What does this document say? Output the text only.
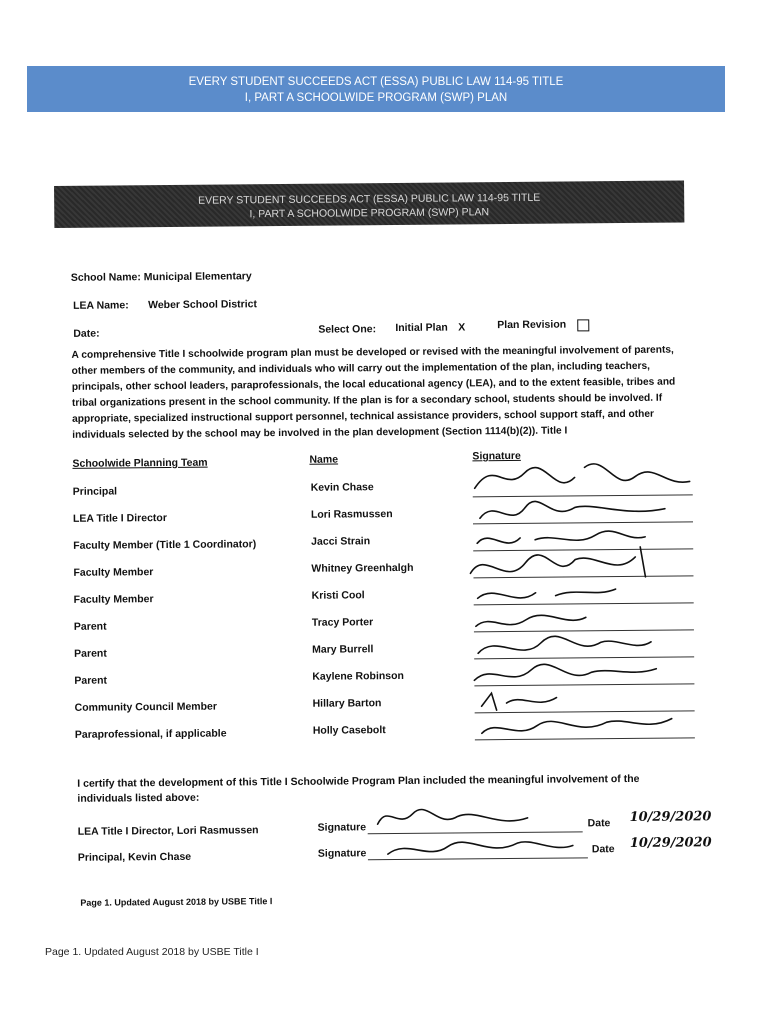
EVERY STUDENT SUCCEEDS ACT (ESSA) PUBLIC LAW 114-95 TITLE
I, PART A SCHOOLWIDE PROGRAM (SWP) PLAN
EVERY STUDENT SUCCEEDS ACT (ESSA) PUBLIC LAW 114-95 TITLE
I, PART A SCHOOLWIDE PROGRAM (SWP) PLAN
School Name: Municipal Elementary
LEA Name: Weber School District
Date:	Select One: Initial Plan X	Plan Revision
A comprehensive Title I schoolwide program plan must be developed or revised with the meaningful involvement of parents, other members of the community, and individuals who will carry out the implementation of the plan, including teachers, principals, other school leaders, paraprofessionals, the local educational agency (LEA), and to the extent feasible, tribes and tribal organizations present in the school community. If the plan is for a secondary school, students should be involved. If appropriate, specialized instructional support personnel, technical assistance providers, school support staff, and other individuals selected by the school may be involved in the plan development (Section 1114(b)(2)). Title I
Schoolwide Planning Team	Name	Signature
Principal	Kevin Chase
LEA Title I Director	Lori Rasmussen
Faculty Member (Title 1 Coordinator)	Jacci Strain
Faculty Member	Whitney Greenhalgh
Faculty Member	Kristi Cool
Parent	Tracy Porter
Parent	Mary Burrell
Parent	Kaylene Robinson
Community Council Member	Hillary Barton
Paraprofessional, if applicable	Holly Casebolt
I certify that the development of this Title I Schoolwide Program Plan included the meaningful involvement of the
individuals listed above:
LEA Title I Director, Lori Rasmussen	Signature	Date 10/29/2020
Principal, Kevin Chase	Signature	Date 10/29/2020
Page 1. Updated August 2018 by USBE Title I
Page 1. Updated August 2018 by USBE Title I
